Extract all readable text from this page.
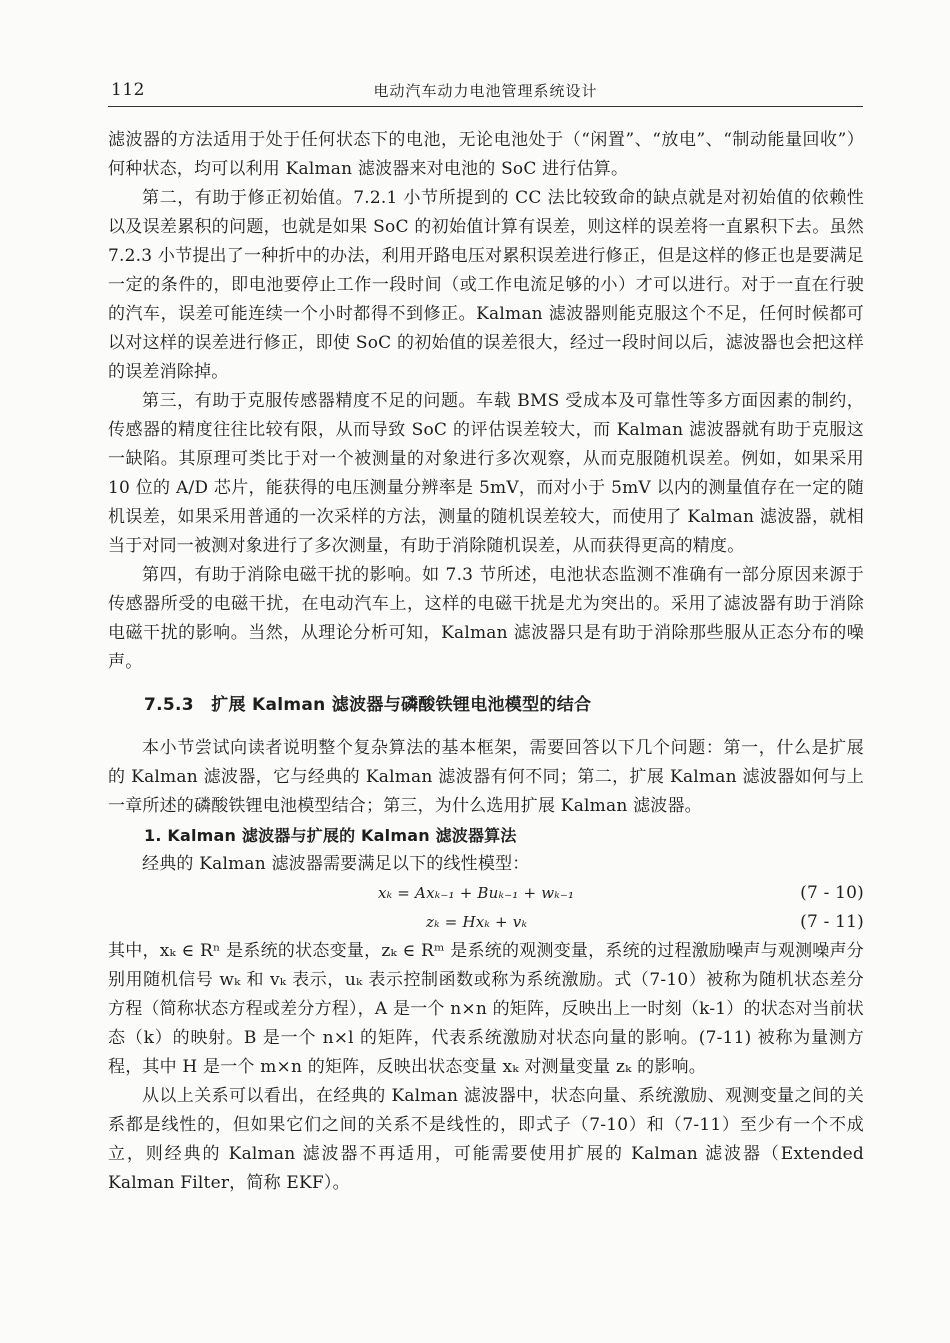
112	电动汽车动力电池管理系统设计

滤波器的方法适用于处于任何状态下的电池，无论电池处于（“闲置”、“放电”、“制动能量回收”）何种状态，均可以利用 Kalman 滤波器来对电池的 SoC 进行估算。

第二，有助于修正初始值。7.2.1 小节所提到的 CC 法比较致命的缺点就是对初始值的依赖性以及误差累积的问题，也就是如果 SoC 的初始值计算有误差，则这样的误差将一直累积下去。虽然 7.2.3 小节提出了一种折中的办法，利用开路电压对累积误差进行修正，但是这样的修正也是要满足一定的条件的，即电池要停止工作一段时间（或工作电流足够的小）才可以进行。对于一直在行驶的汽车，误差可能连续一个小时都得不到修正。Kalman 滤波器则能克服这个不足，任何时候都可以对这样的误差进行修正，即使 SoC 的初始值的误差很大，经过一段时间以后，滤波器也会把这样的误差消除掉。

第三，有助于克服传感器精度不足的问题。车载 BMS 受成本及可靠性等多方面因素的制约，传感器的精度往往比较有限，从而导致 SoC 的评估误差较大，而 Kalman 滤波器就有助于克服这一缺陷。其原理可类比于对一个被测量的对象进行多次观察，从而克服随机误差。例如，如果采用 10 位的 A/D 芯片，能获得的电压测量分辨率是 5mV，而对小于 5mV 以内的测量值存在一定的随机误差，如果采用普通的一次采样的方法，测量的随机误差较大，而使用了 Kalman 滤波器，就相当于对同一被测对象进行了多次测量，有助于消除随机误差，从而获得更高的精度。

第四，有助于消除电磁干扰的影响。如 7.3 节所述，电池状态监测不准确有一部分原因来源于传感器所受的电磁干扰，在电动汽车上，这样的电磁干扰是尤为突出的。采用了滤波器有助于消除电磁干扰的影响。当然，从理论分析可知，Kalman 滤波器只是有助于消除那些服从正态分布的噪声。

7.5.3　扩展 Kalman 滤波器与磷酸铁锂电池模型的结合

本小节尝试向读者说明整个复杂算法的基本框架，需要回答以下几个问题：第一，什么是扩展的 Kalman 滤波器，它与经典的 Kalman 滤波器有何不同；第二，扩展 Kalman 滤波器如何与上一章所述的磷酸铁锂电池模型结合；第三，为什么选用扩展 Kalman 滤波器。

1. Kalman 滤波器与扩展的 Kalman 滤波器算法

经典的 Kalman 滤波器需要满足以下的线性模型：

xₖ = Axₖ₋₁ + Buₖ₋₁ + wₖ₋₁	(7 - 10)
zₖ = Hxₖ + vₖ	(7 - 11)

其中，xₖ ∈ Rⁿ 是系统的状态变量，zₖ ∈ Rᵐ 是系统的观测变量，系统的过程激励噪声与观测噪声分别用随机信号 wₖ 和 vₖ 表示，uₖ 表示控制函数或称为系统激励。式（7-10）被称为随机状态差分方程（简称状态方程或差分方程），A 是一个 n×n 的矩阵，反映出上一时刻（k-1）的状态对当前状态（k）的映射。B 是一个 n×l 的矩阵，代表系统激励对状态向量的影响。(7-11) 被称为量测方程，其中 H 是一个 m×n 的矩阵，反映出状态变量 xₖ 对测量变量 zₖ 的影响。

从以上关系可以看出，在经典的 Kalman 滤波器中，状态向量、系统激励、观测变量之间的关系都是线性的，但如果它们之间的关系不是线性的，即式子（7-10）和（7-11）至少有一个不成立，则经典的 Kalman 滤波器不再适用，可能需要使用扩展的 Kalman 滤波器（Extended Kalman Filter，简称 EKF）。
